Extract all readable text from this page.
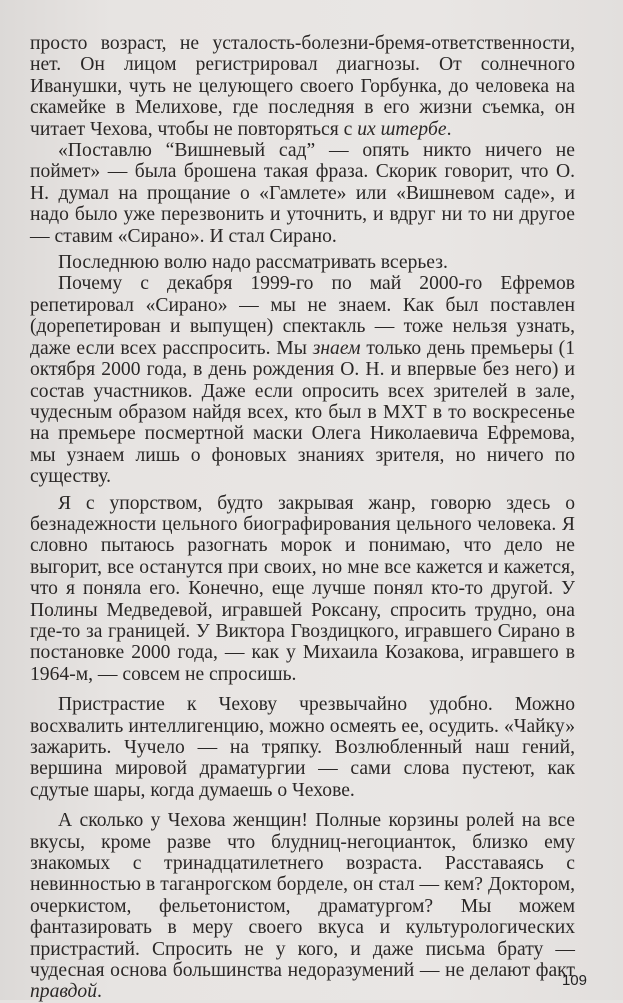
просто возраст, не усталость-болезни-бремя-ответственности, нет. Он лицом регистрировал диагнозы. От солнечного Иванушки, чуть не целующего своего Горбунка, до человека на скамейке в Мелихове, где последняя в его жизни съемка, он читает Чехова, чтобы не повторяться с их штербе.

«Поставлю “Вишневый сад” — опять никто ничего не поймет» — была брошена такая фраза. Скорик говорит, что О. Н. думал на прощание о «Гамлете» или «Вишневом саде», и надо было уже перезвонить и уточнить, и вдруг ни то ни другое — ставим «Сирано». И стал Сирано.

Последнюю волю надо рассматривать всерьез.

Почему с декабря 1999-го по май 2000-го Ефремов репетировал «Сирано» — мы не знаем. Как был поставлен (дорепетирован и выпущен) спектакль — тоже нельзя узнать, даже если всех расспросить. Мы знаем только день премьеры (1 октября 2000 года, в день рождения О. Н. и впервые без него) и состав участников. Даже если опросить всех зрителей в зале, чудесным образом найдя всех, кто был в МХТ в то воскресенье на премьере посмертной маски Олега Николаевича Ефремова, мы узнаем лишь о фоновых знаниях зрителя, но ничего по существу.

Я с упорством, будто закрывая жанр, говорю здесь о безнадежности цельного биографирования цельного человека. Я словно пытаюсь разогнать морок и понимаю, что дело не выгорит, все останутся при своих, но мне все кажется и кажется, что я поняла его. Конечно, еще лучше понял кто-то другой. У Полины Медведевой, игравшей Роксану, спросить трудно, она где-то за границей. У Виктора Гвоздицкого, игравшего Сирано в постановке 2000 года, — как у Михаила Козакова, игравшего в 1964-м, — совсем не спросишь.

Пристрастие к Чехову чрезвычайно удобно. Можно восхвалить интеллигенцию, можно осмеять ее, осудить. «Чайку» зажарить. Чучело — на тряпку. Возлюбленный наш гений, вершина мировой драматургии — сами слова пустеют, как сдутые шары, когда думаешь о Чехове.

А сколько у Чехова женщин! Полные корзины ролей на все вкусы, кроме разве что блудниц-негоцианток, близко ему знакомых с тринадцатилетнего возраста. Расставаясь с невинностью в таганрогском борделе, он стал — кем? Доктором, очеркистом, фельетонистом, драматургом? Мы можем фантазировать в меру своего вкуса и культурологических пристрастий. Спросить не у кого, и даже письма брату — чудесная основа большинства недоразумений — не делают факт правдой.

109
